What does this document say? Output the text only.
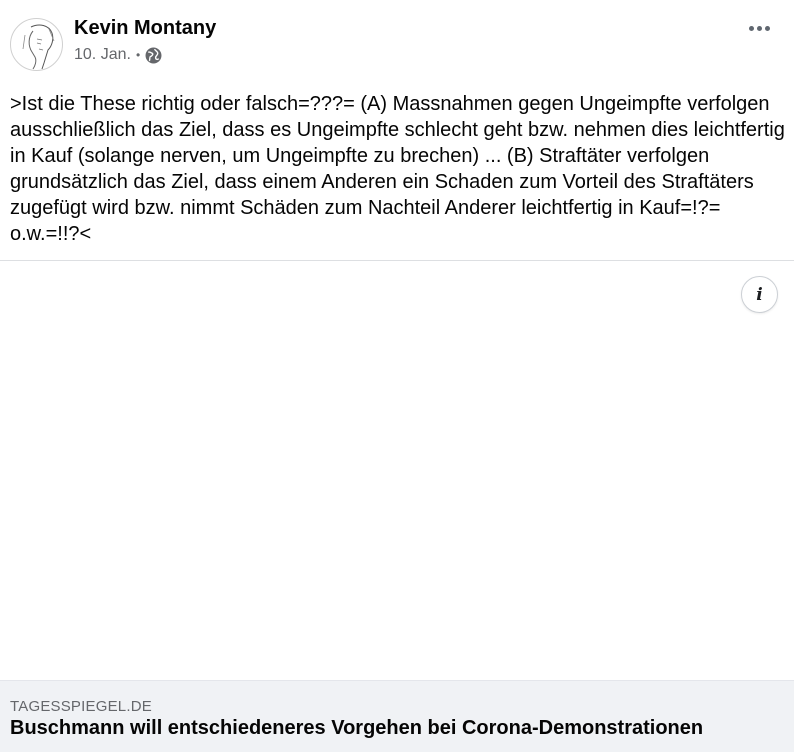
Kevin Montany
10. Jan. •
>Ist die These richtig oder falsch=???= (A) Massnahmen gegen Ungeimpfte verfolgen ausschließlich das Ziel, dass es Ungeimpfte schlecht geht bzw. nehmen dies leichtfertig in Kauf (solange nerven, um Ungeimpfte zu brechen) ... (B) Straftäter verfolgen grundsätzlich das Ziel, dass einem Anderen ein Schaden zum Vorteil des Straftäters zugefügt wird bzw. nimmt Schäden zum Nachteil Anderer leichtfertig in Kauf=!?= o.w.=!!?<
i
TAGESSPIEGEL.DE
Buschmann will entschiedeneres Vorgehen bei Corona-Demonstrationen
